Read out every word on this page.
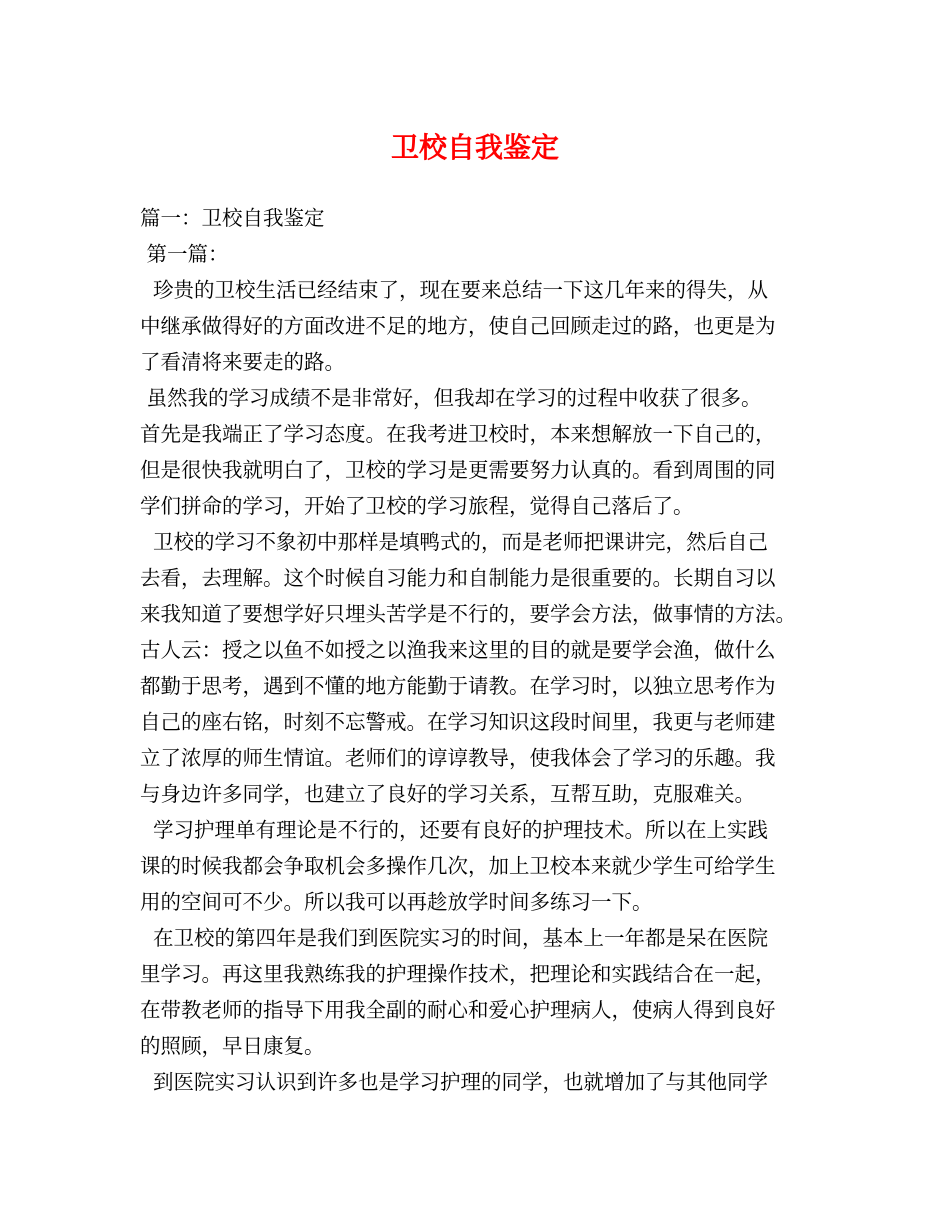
卫校自我鉴定
篇一：卫校自我鉴定
第一篇：
珍贵的卫校生活已经结束了，现在要来总结一下这几年来的得失，从
中继承做得好的方面改进不足的地方，使自己回顾走过的路，也更是为
了看清将来要走的路。
虽然我的学习成绩不是非常好，但我却在学习的过程中收获了很多。
首先是我端正了学习态度。在我考进卫校时，本来想解放一下自己的，
但是很快我就明白了，卫校的学习是更需要努力认真的。看到周围的同
学们拼命的学习，开始了卫校的学习旅程，觉得自己落后了。
卫校的学习不象初中那样是填鸭式的，而是老师把课讲完，然后自己
去看，去理解。这个时候自习能力和自制能力是很重要的。长期自习以
来我知道了要想学好只埋头苦学是不行的，要学会方法，做事情的方法。
古人云：授之以鱼不如授之以渔我来这里的目的就是要学会渔，做什么
都勤于思考，遇到不懂的地方能勤于请教。在学习时，以独立思考作为
自己的座右铭，时刻不忘警戒。在学习知识这段时间里，我更与老师建
立了浓厚的师生情谊。老师们的谆谆教导，使我体会了学习的乐趣。我
与身边许多同学，也建立了良好的学习关系，互帮互助，克服难关。
学习护理单有理论是不行的，还要有良好的护理技术。所以在上实践
课的时候我都会争取机会多操作几次，加上卫校本来就少学生可给学生
用的空间可不少。所以我可以再趁放学时间多练习一下。
在卫校的第四年是我们到医院实习的时间，基本上一年都是呆在医院
里学习。再这里我熟练我的护理操作技术，把理论和实践结合在一起，
在带教老师的指导下用我全副的耐心和爱心护理病人，使病人得到良好
的照顾，早日康复。
到医院实习认识到许多也是学习护理的同学，也就增加了与其他同学
